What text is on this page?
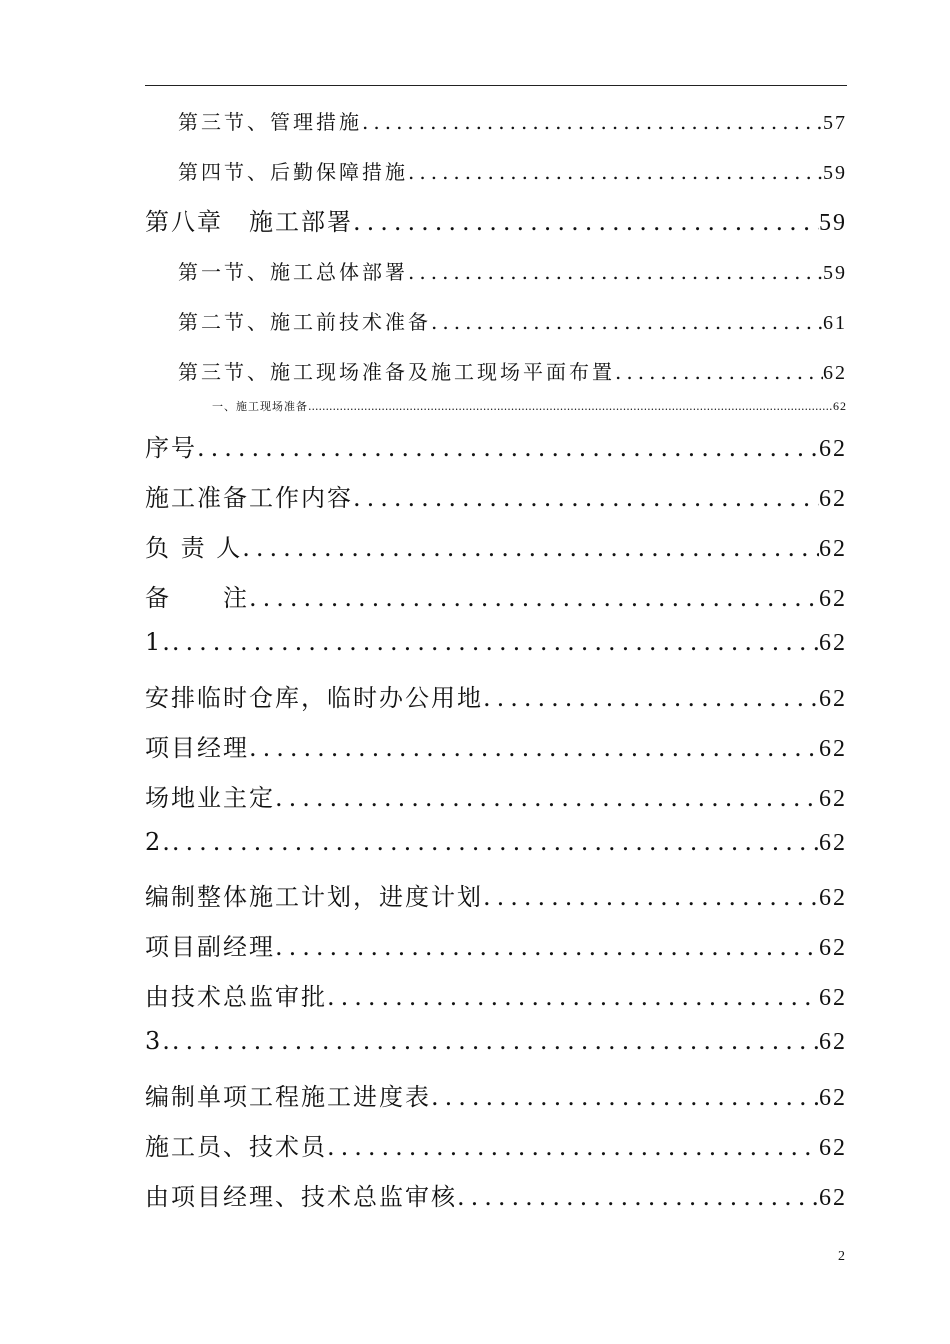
第三节、管理措施 .....	57
第四节、后勤保障措施 .....	59
第八章　施工部署 .....	59
第一节、施工总体部署 .....	59
第二节、施工前技术准备 .....	61
第三节、施工现场准备及施工现场平面布置 .....	62
一、施工现场准备 .....	62
序号 .....	62
施工准备工作内容 .....	62
负 责 人 .....	62
备　　注 .....	62
1. .....	62
安排临时仓库，临时办公用地 .....	62
项目经理 .....	62
场地业主定 .....	62
2. .....	62
编制整体施工计划，进度计划 .....	62
项目副经理 .....	62
由技术总监审批 .....	62
3. .....	62
编制单项工程施工进度表 .....	62
施工员、技术员 .....	62
由项目经理、技术总监审核 .....	62
2
